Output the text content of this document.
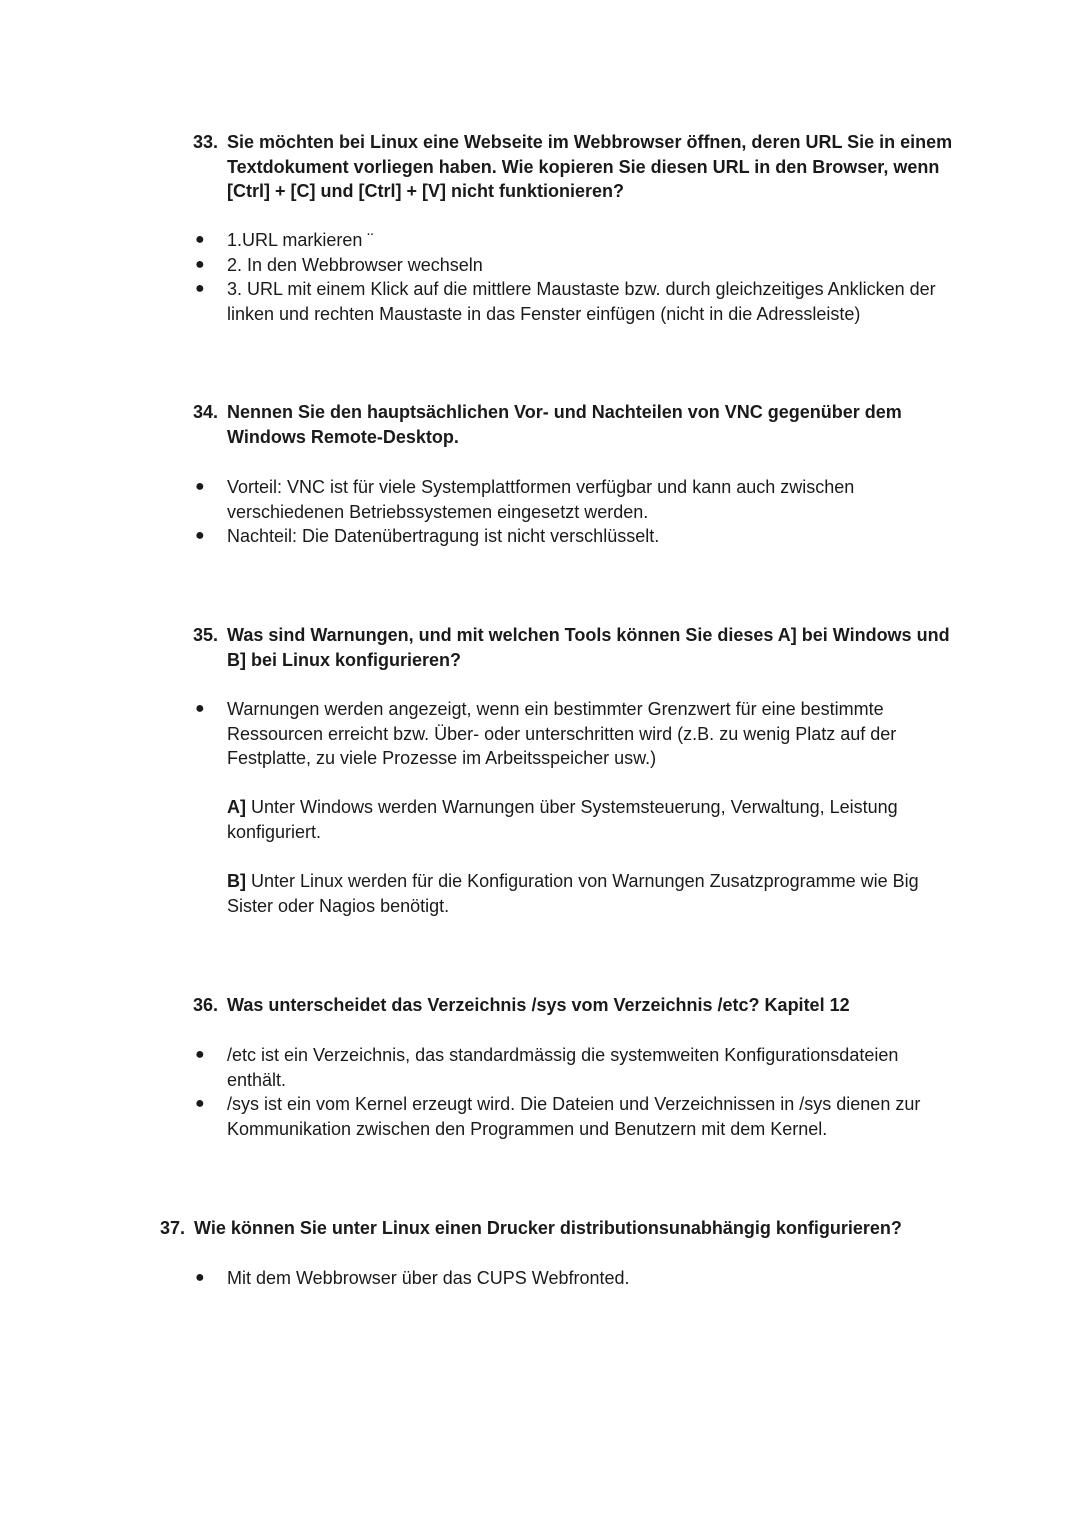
33. Sie möchten bei Linux eine Webseite im Webbrowser öffnen, deren URL Sie in einem Textdokument vorliegen haben. Wie kopieren Sie diesen URL in den Browser, wenn [Ctrl] + [C] und [Ctrl] + [V] nicht funktionieren?
● 1.URL markieren ¨
● 2. In den Webbrowser wechseln
● 3. URL mit einem Klick auf die mittlere Maustaste bzw. durch gleichzeitiges Anklicken der linken und rechten Maustaste in das Fenster einfügen (nicht in die Adressleiste)
34. Nennen Sie den hauptsächlichen Vor- und Nachteilen von VNC gegenüber dem Windows Remote-Desktop.
● Vorteil: VNC ist für viele Systemplattformen verfügbar und kann auch zwischen verschiedenen Betriebssystemen eingesetzt werden.
● Nachteil: Die Datenübertragung ist nicht verschlüsselt.
35. Was sind Warnungen, und mit welchen Tools können Sie dieses A] bei Windows und B] bei Linux konfigurieren?
● Warnungen werden angezeigt, wenn ein bestimmter Grenzwert für eine bestimmte Ressourcen erreicht bzw. Über- oder unterschritten wird (z.B. zu wenig Platz auf der Festplatte, zu viele Prozesse im Arbeitsspeicher usw.)
A] Unter Windows werden Warnungen über Systemsteuerung, Verwaltung, Leistung konfiguriert.
B] Unter Linux werden für die Konfiguration von Warnungen Zusatzprogramme wie Big Sister oder Nagios benötigt.
36. Was unterscheidet das Verzeichnis /sys vom Verzeichnis /etc? Kapitel 12
● /etc ist ein Verzeichnis, das standardmässig die systemweiten Konfigurationsdateien enthält.
● /sys ist ein vom Kernel erzeugt wird. Die Dateien und Verzeichnissen in /sys dienen zur Kommunikation zwischen den Programmen und Benutzern mit dem Kernel.
37. Wie können Sie unter Linux einen Drucker distributionsunabhängig konfigurieren?
● Mit dem Webbrowser über das CUPS Webfronted.
